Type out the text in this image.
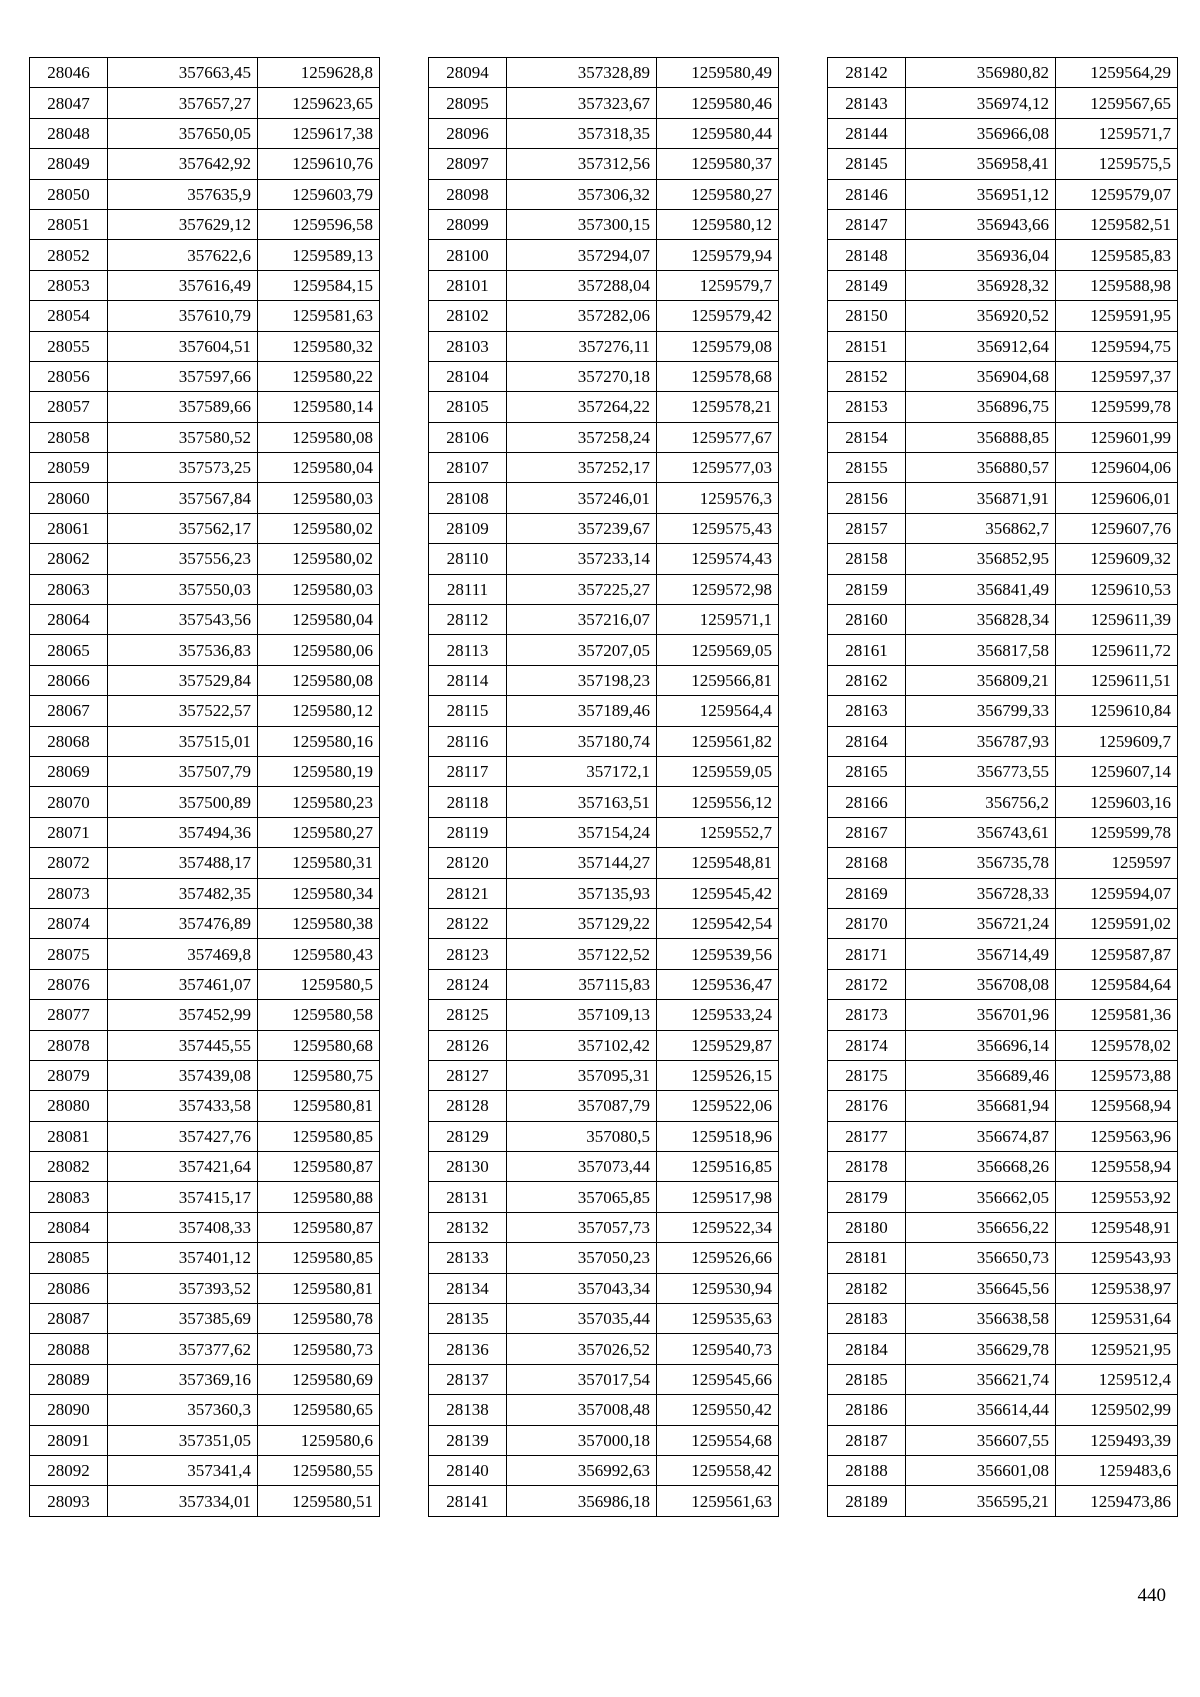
28046	357663,45	1259628,8
28047	357657,27	1259623,65
28048	357650,05	1259617,38
28049	357642,92	1259610,76
28050	357635,9	1259603,79
28051	357629,12	1259596,58
28052	357622,6	1259589,13
28053	357616,49	1259584,15
28054	357610,79	1259581,63
28055	357604,51	1259580,32
28056	357597,66	1259580,22
28057	357589,66	1259580,14
28058	357580,52	1259580,08
28059	357573,25	1259580,04
28060	357567,84	1259580,03
28061	357562,17	1259580,02
28062	357556,23	1259580,02
28063	357550,03	1259580,03
28064	357543,56	1259580,04
28065	357536,83	1259580,06
28066	357529,84	1259580,08
28067	357522,57	1259580,12
28068	357515,01	1259580,16
28069	357507,79	1259580,19
28070	357500,89	1259580,23
28071	357494,36	1259580,27
28072	357488,17	1259580,31
28073	357482,35	1259580,34
28074	357476,89	1259580,38
28075	357469,8	1259580,43
28076	357461,07	1259580,5
28077	357452,99	1259580,58
28078	357445,55	1259580,68
28079	357439,08	1259580,75
28080	357433,58	1259580,81
28081	357427,76	1259580,85
28082	357421,64	1259580,87
28083	357415,17	1259580,88
28084	357408,33	1259580,87
28085	357401,12	1259580,85
28086	357393,52	1259580,81
28087	357385,69	1259580,78
28088	357377,62	1259580,73
28089	357369,16	1259580,69
28090	357360,3	1259580,65
28091	357351,05	1259580,6
28092	357341,4	1259580,55
28093	357334,01	1259580,51
28094	357328,89	1259580,49
28095	357323,67	1259580,46
28096	357318,35	1259580,44
28097	357312,56	1259580,37
28098	357306,32	1259580,27
28099	357300,15	1259580,12
28100	357294,07	1259579,94
28101	357288,04	1259579,7
28102	357282,06	1259579,42
28103	357276,11	1259579,08
28104	357270,18	1259578,68
28105	357264,22	1259578,21
28106	357258,24	1259577,67
28107	357252,17	1259577,03
28108	357246,01	1259576,3
28109	357239,67	1259575,43
28110	357233,14	1259574,43
28111	357225,27	1259572,98
28112	357216,07	1259571,1
28113	357207,05	1259569,05
28114	357198,23	1259566,81
28115	357189,46	1259564,4
28116	357180,74	1259561,82
28117	357172,1	1259559,05
28118	357163,51	1259556,12
28119	357154,24	1259552,7
28120	357144,27	1259548,81
28121	357135,93	1259545,42
28122	357129,22	1259542,54
28123	357122,52	1259539,56
28124	357115,83	1259536,47
28125	357109,13	1259533,24
28126	357102,42	1259529,87
28127	357095,31	1259526,15
28128	357087,79	1259522,06
28129	357080,5	1259518,96
28130	357073,44	1259516,85
28131	357065,85	1259517,98
28132	357057,73	1259522,34
28133	357050,23	1259526,66
28134	357043,34	1259530,94
28135	357035,44	1259535,63
28136	357026,52	1259540,73
28137	357017,54	1259545,66
28138	357008,48	1259550,42
28139	357000,18	1259554,68
28140	356992,63	1259558,42
28141	356986,18	1259561,63
28142	356980,82	1259564,29
28143	356974,12	1259567,65
28144	356966,08	1259571,7
28145	356958,41	1259575,5
28146	356951,12	1259579,07
28147	356943,66	1259582,51
28148	356936,04	1259585,83
28149	356928,32	1259588,98
28150	356920,52	1259591,95
28151	356912,64	1259594,75
28152	356904,68	1259597,37
28153	356896,75	1259599,78
28154	356888,85	1259601,99
28155	356880,57	1259604,06
28156	356871,91	1259606,01
28157	356862,7	1259607,76
28158	356852,95	1259609,32
28159	356841,49	1259610,53
28160	356828,34	1259611,39
28161	356817,58	1259611,72
28162	356809,21	1259611,51
28163	356799,33	1259610,84
28164	356787,93	1259609,7
28165	356773,55	1259607,14
28166	356756,2	1259603,16
28167	356743,61	1259599,78
28168	356735,78	1259597
28169	356728,33	1259594,07
28170	356721,24	1259591,02
28171	356714,49	1259587,87
28172	356708,08	1259584,64
28173	356701,96	1259581,36
28174	356696,14	1259578,02
28175	356689,46	1259573,88
28176	356681,94	1259568,94
28177	356674,87	1259563,96
28178	356668,26	1259558,94
28179	356662,05	1259553,92
28180	356656,22	1259548,91
28181	356650,73	1259543,93
28182	356645,56	1259538,97
28183	356638,58	1259531,64
28184	356629,78	1259521,95
28185	356621,74	1259512,4
28186	356614,44	1259502,99
28187	356607,55	1259493,39
28188	356601,08	1259483,6
28189	356595,21	1259473,86
440
